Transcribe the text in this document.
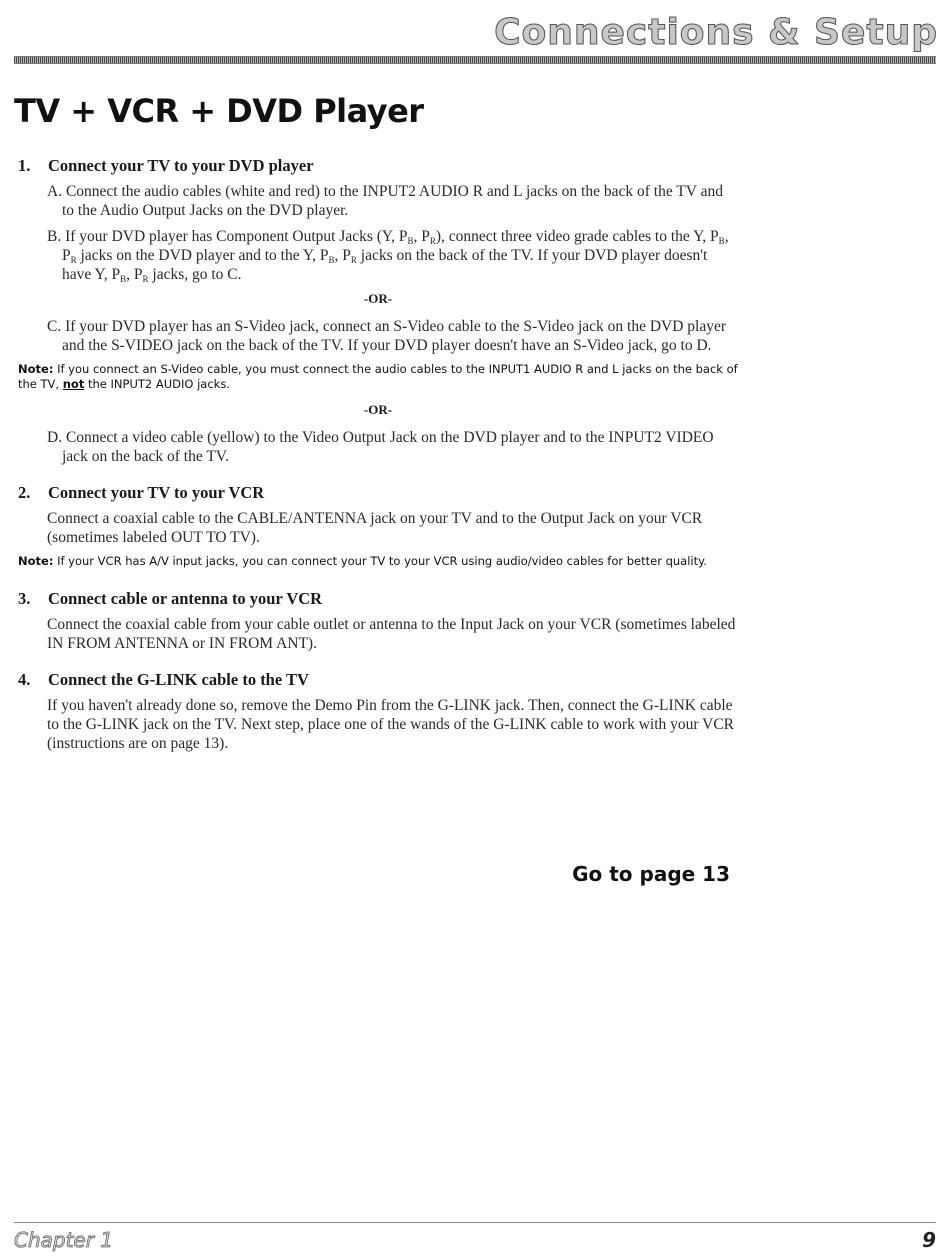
Connections & Setup
TV + VCR + DVD Player
1.	Connect your TV to your DVD player

A. Connect the audio cables (white and red) to the INPUT2 AUDIO R and L jacks on the back of the TV and to the Audio Output Jacks on the DVD player.

B. If your DVD player has Component Output Jacks (Y, $P_B$, $P_R$), connect three video grade cables to the Y, $P_B$, $P_R$ jacks on the DVD player and to the Y, $P_B$, $P_R$ jacks on the back of the TV. If your DVD player doesn't have Y, $P_B$, $P_R$ jacks, go to C.

-OR-

C. If your DVD player has an S-Video jack, connect an S-Video cable to the S-Video jack on the DVD player and the S-VIDEO jack on the back of the TV. If your DVD player doesn't have an S-Video jack, go to D.

Note: If you connect an S-Video cable, you must connect the audio cables to the INPUT1 AUDIO R and L jacks on the back of the TV, not the INPUT2 AUDIO jacks.

-OR-

D. Connect a video cable (yellow) to the Video Output Jack on the DVD player and to the INPUT2 VIDEO jack on the back of the TV.

2.	Connect your TV to your VCR

Connect a coaxial cable to the CABLE/ANTENNA jack on your TV and to the Output Jack on your VCR (sometimes labeled OUT TO TV).

Note: If your VCR has A/V input jacks, you can connect your TV to your VCR using audio/video cables for better quality.

3.	Connect cable or antenna to your VCR

Connect the coaxial cable from your cable outlet or antenna to the Input Jack on your VCR (sometimes labeled IN FROM ANTENNA or IN FROM ANT).

4.	Connect the G-LINK cable to the TV

If you haven't already done so, remove the Demo Pin from the G-LINK jack. Then, connect the G-LINK cable to the G-LINK jack on the TV. Next step, place one of the wands of the G-LINK cable to work with your VCR (instructions are on page 13).

Go to page 13
Chapter 1	9
